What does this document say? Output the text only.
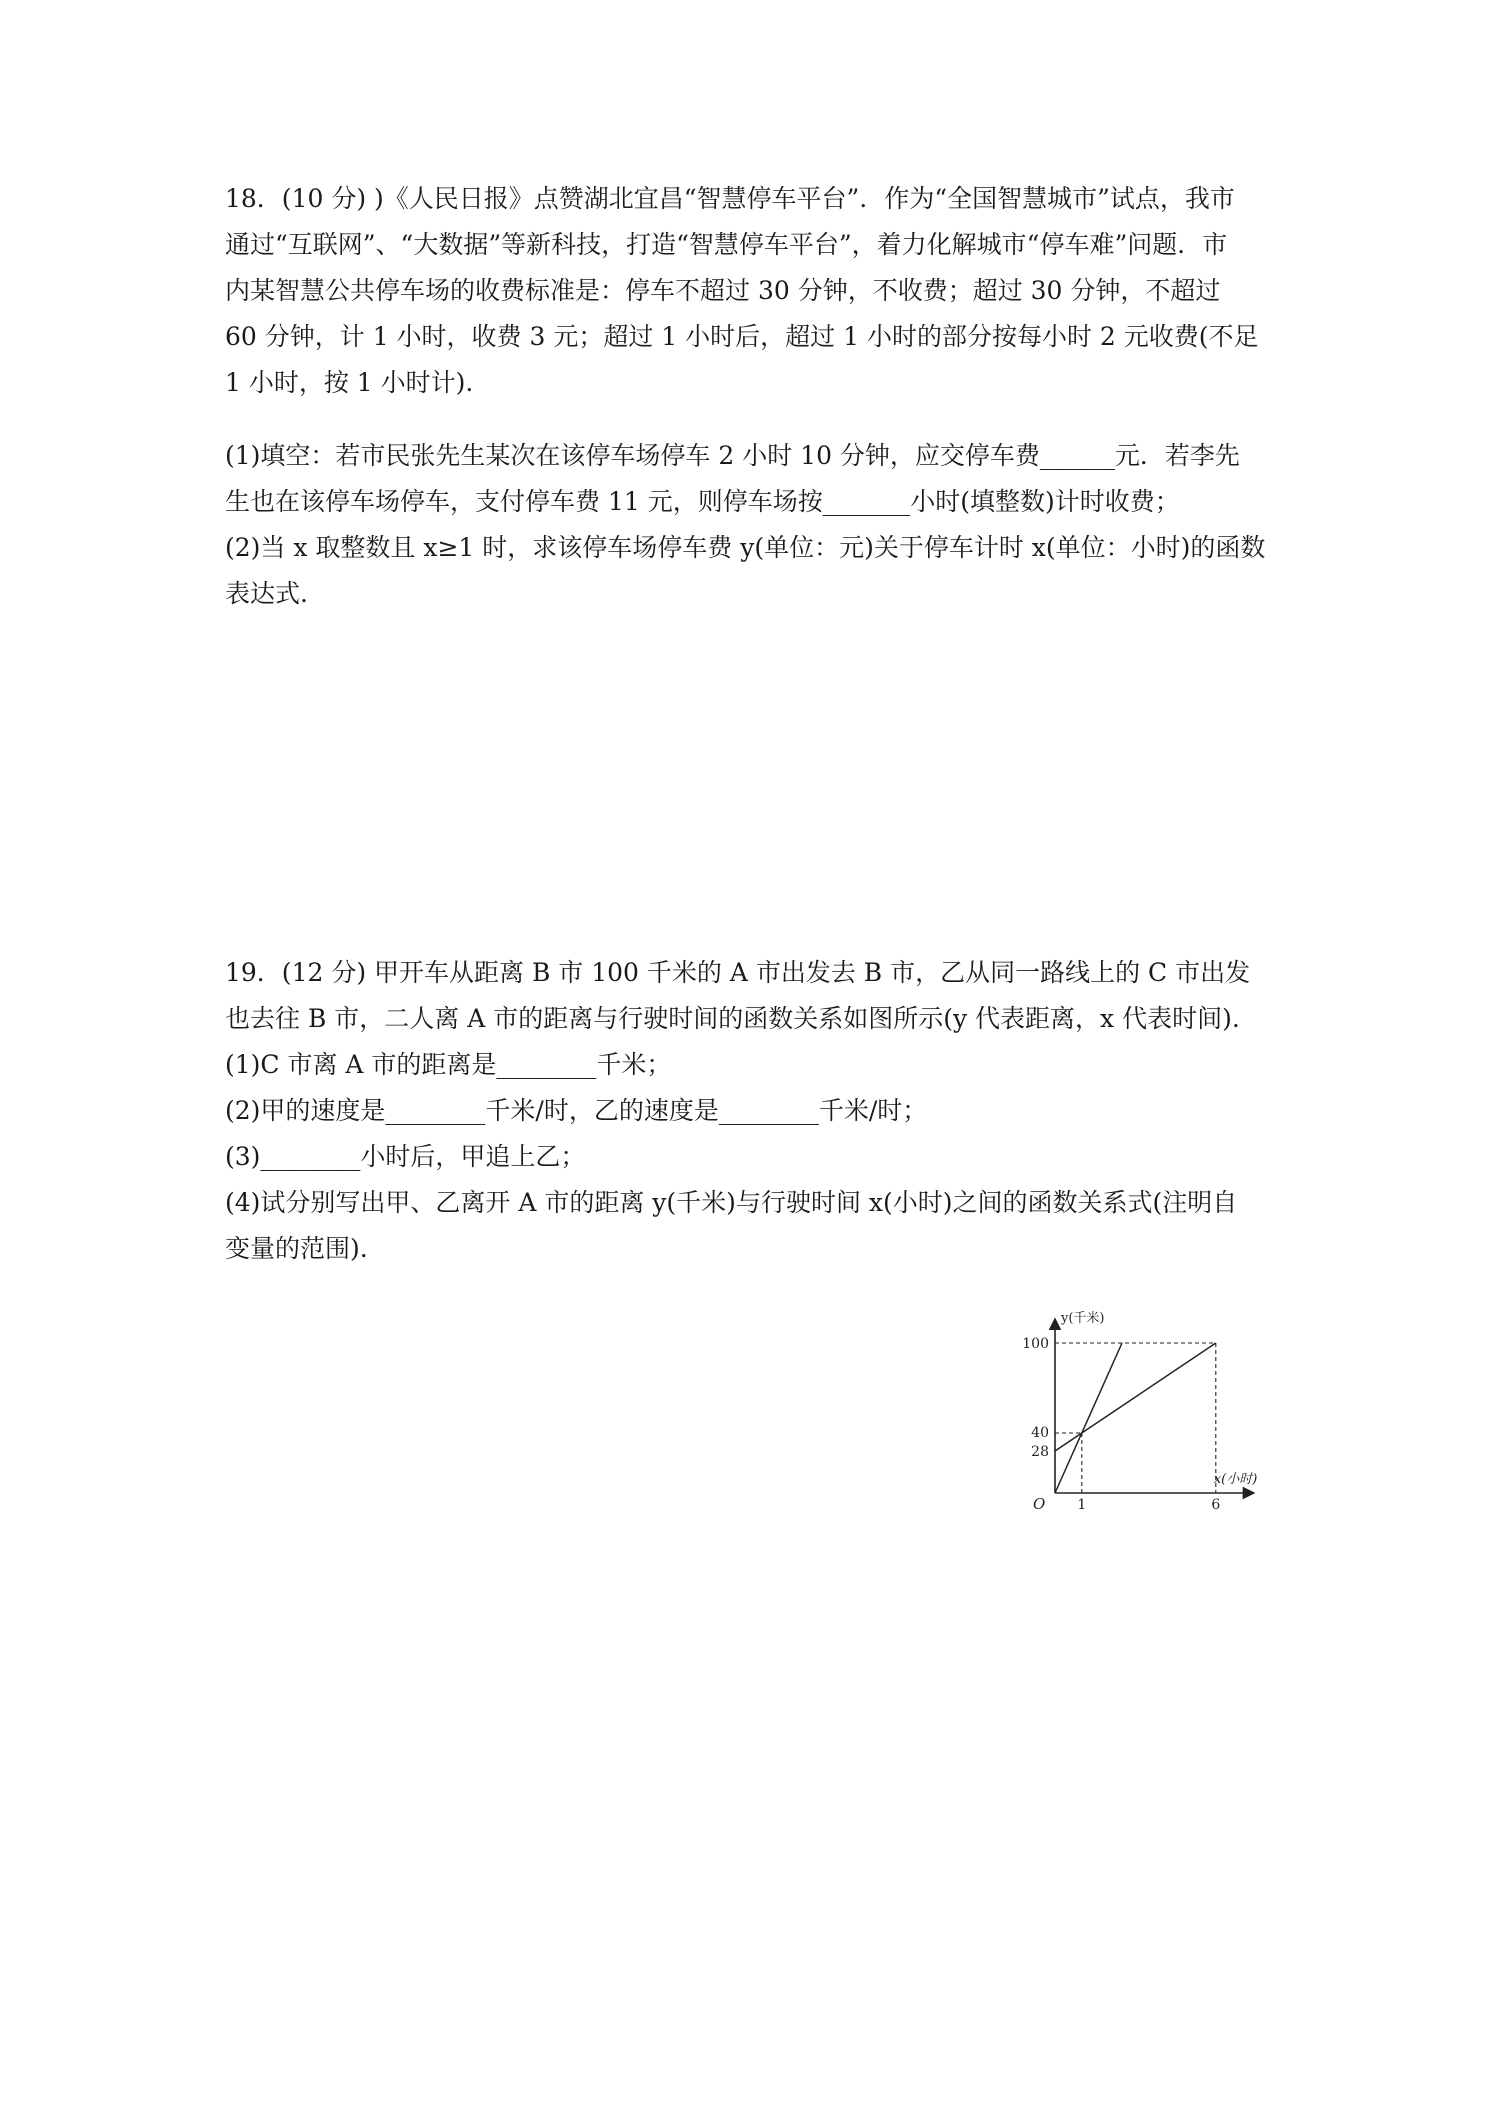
18．(10 分) )《人民日报》点赞湖北宜昌“智慧停车平台”．作为“全国智慧城市”试点，我市
通过“互联网”、“大数据”等新科技，打造“智慧停车平台”，着力化解城市“停车难”问题．市
内某智慧公共停车场的收费标准是：停车不超过 30 分钟，不收费；超过 30 分钟，不超过
60 分钟，计 1 小时，收费 3 元；超过 1 小时后，超过 1 小时的部分按每小时 2 元收费(不足
1 小时，按 1 小时计).
(1)填空：若市民张先生某次在该停车场停车 2 小时 10 分钟，应交停车费______元．若李先
生也在该停车场停车，支付停车费 11 元，则停车场按_______小时(填整数)计时收费；
(2)当 x 取整数且 x≥1 时，求该停车场停车费 y(单位：元)关于停车计时 x(单位：小时)的函数
表达式.
19．(12 分) 甲开车从距离 B 市 100 千米的 A 市出发去 B 市，乙从同一路线上的 C 市出发
也去往 B 市，二人离 A 市的距离与行驶时间的函数关系如图所示(y 代表距离，x 代表时间).
(1)C 市离 A 市的距离是________千米；
(2)甲的速度是________千米/时，乙的速度是________千米/时；
(3)________小时后，甲追上乙；
(4)试分别写出甲、乙离开 A 市的距离 y(千米)与行驶时间 x(小时)之间的函数关系式(注明自
变量的范围).
y(千米)
x(小时)
O 1	6
28
40
100
